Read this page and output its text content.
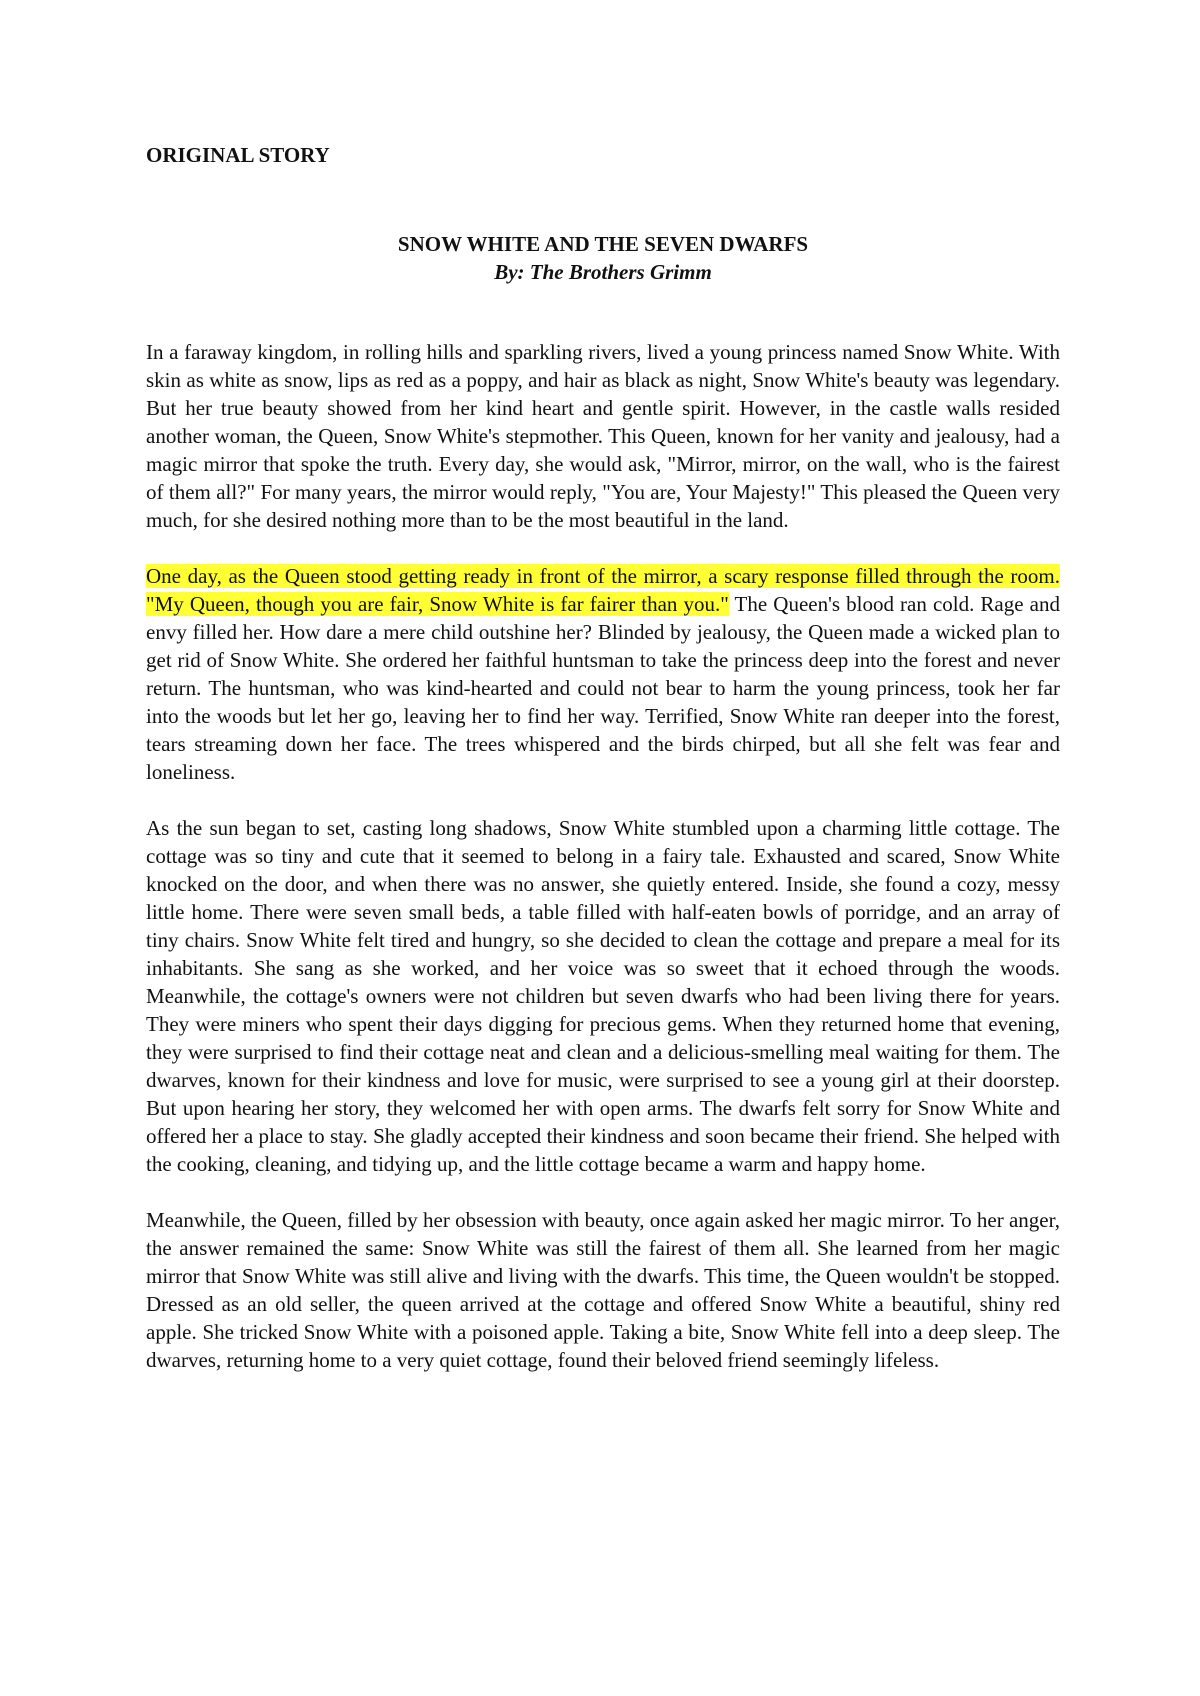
ORIGINAL STORY
SNOW WHITE AND THE SEVEN DWARFS
By: The Brothers Grimm

In a faraway kingdom, in rolling hills and sparkling rivers, lived a young princess named Snow White. With skin as white as snow, lips as red as a poppy, and hair as black as night, Snow White's beauty was legendary. But her true beauty showed from her kind heart and gentle spirit. However, in the castle walls resided another woman, the Queen, Snow White's stepmother. This Queen, known for her vanity and jealousy, had a magic mirror that spoke the truth. Every day, she would ask, "Mirror, mirror, on the wall, who is the fairest of them all?" For many years, the mirror would reply, "You are, Your Majesty!" This pleased the Queen very much, for she desired nothing more than to be the most beautiful in the land.

One day, as the Queen stood getting ready in front of the mirror, a scary response filled through the room. "My Queen, though you are fair, Snow White is far fairer than you." The Queen's blood ran cold. Rage and envy filled her. How dare a mere child outshine her? Blinded by jealousy, the Queen made a wicked plan to get rid of Snow White. She ordered her faithful huntsman to take the princess deep into the forest and never return. The huntsman, who was kind-hearted and could not bear to harm the young princess, took her far into the woods but let her go, leaving her to find her way. Terrified, Snow White ran deeper into the forest, tears streaming down her face. The trees whispered and the birds chirped, but all she felt was fear and loneliness.

As the sun began to set, casting long shadows, Snow White stumbled upon a charming little cottage. The cottage was so tiny and cute that it seemed to belong in a fairy tale. Exhausted and scared, Snow White knocked on the door, and when there was no answer, she quietly entered. Inside, she found a cozy, messy little home. There were seven small beds, a table filled with half-eaten bowls of porridge, and an array of tiny chairs. Snow White felt tired and hungry, so she decided to clean the cottage and prepare a meal for its inhabitants. She sang as she worked, and her voice was so sweet that it echoed through the woods. Meanwhile, the cottage's owners were not children but seven dwarfs who had been living there for years. They were miners who spent their days digging for precious gems. When they returned home that evening, they were surprised to find their cottage neat and clean and a delicious-smelling meal waiting for them. The dwarves, known for their kindness and love for music, were surprised to see a young girl at their doorstep. But upon hearing her story, they welcomed her with open arms. The dwarfs felt sorry for Snow White and offered her a place to stay. She gladly accepted their kindness and soon became their friend. She helped with the cooking, cleaning, and tidying up, and the little cottage became a warm and happy home.

Meanwhile, the Queen, filled by her obsession with beauty, once again asked her magic mirror. To her anger, the answer remained the same: Snow White was still the fairest of them all. She learned from her magic mirror that Snow White was still alive and living with the dwarfs. This time, the Queen wouldn't be stopped. Dressed as an old seller, the queen arrived at the cottage and offered Snow White a beautiful, shiny red apple. She tricked Snow White with a poisoned apple. Taking a bite, Snow White fell into a deep sleep. The dwarves, returning home to a very quiet cottage, found their beloved friend seemingly lifeless.
